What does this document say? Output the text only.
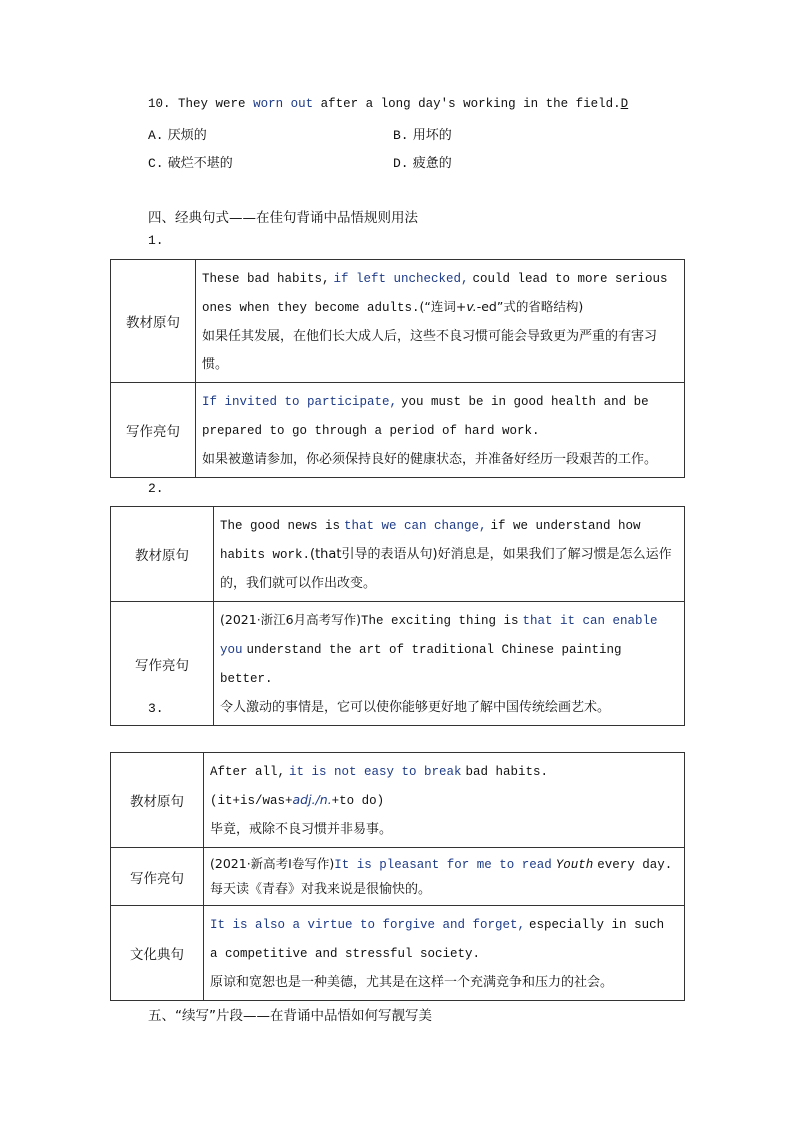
10. They were worn out after a long day's working in the field.D
A. 厌烦的	B. 用坏的
C. 破烂不堪的	D. 疲惫的
四、经典句式——在佳句背诵中品悟规则用法
1.
教材原句	These bad habits, if left unchecked, could lead to more serious ones when they become adults.(“连词+v.-ed”式的省略结构)
如果任其发展，在他们长大成人后，这些不良习惯可能会导致更为严重的有害习惯。
写作亮句	If invited to participate, you must be in good health and be prepared to go through a period of hard work.
如果被邀请参加，你必须保持良好的健康状态，并准备好经历一段艰苦的工作。
2.
教材原句	The good news is that we can change, if we understand how habits work.(that引导的表语从句)好消息是，如果我们了解习惯是怎么运作的，我们就可以作出改变。
写作亮句	(2021·浙江6月高考写作)The exciting thing is that it can enable you understand the art of traditional Chinese painting better.
令人激动的事情是，它可以使你能够更好地了解中国传统绘画艺术。
3.
教材原句	After all, it is not easy to break bad habits.(it+is/was+adj./n.+to do)
毕竟，戒除不良习惯并非易事。
写作亮句	(2021·新高考Ⅰ卷写作)It is pleasant for me to read Youth every day.
每天读《青春》对我来说是很愉快的。
文化典句	It is also a virtue to forgive and forget, especially in such a competitive and stressful society.
原谅和宽恕也是一种美德，尤其是在这样一个充满竞争和压力的社会。
五、“续写”片段——在背诵中品悟如何写靓写美
